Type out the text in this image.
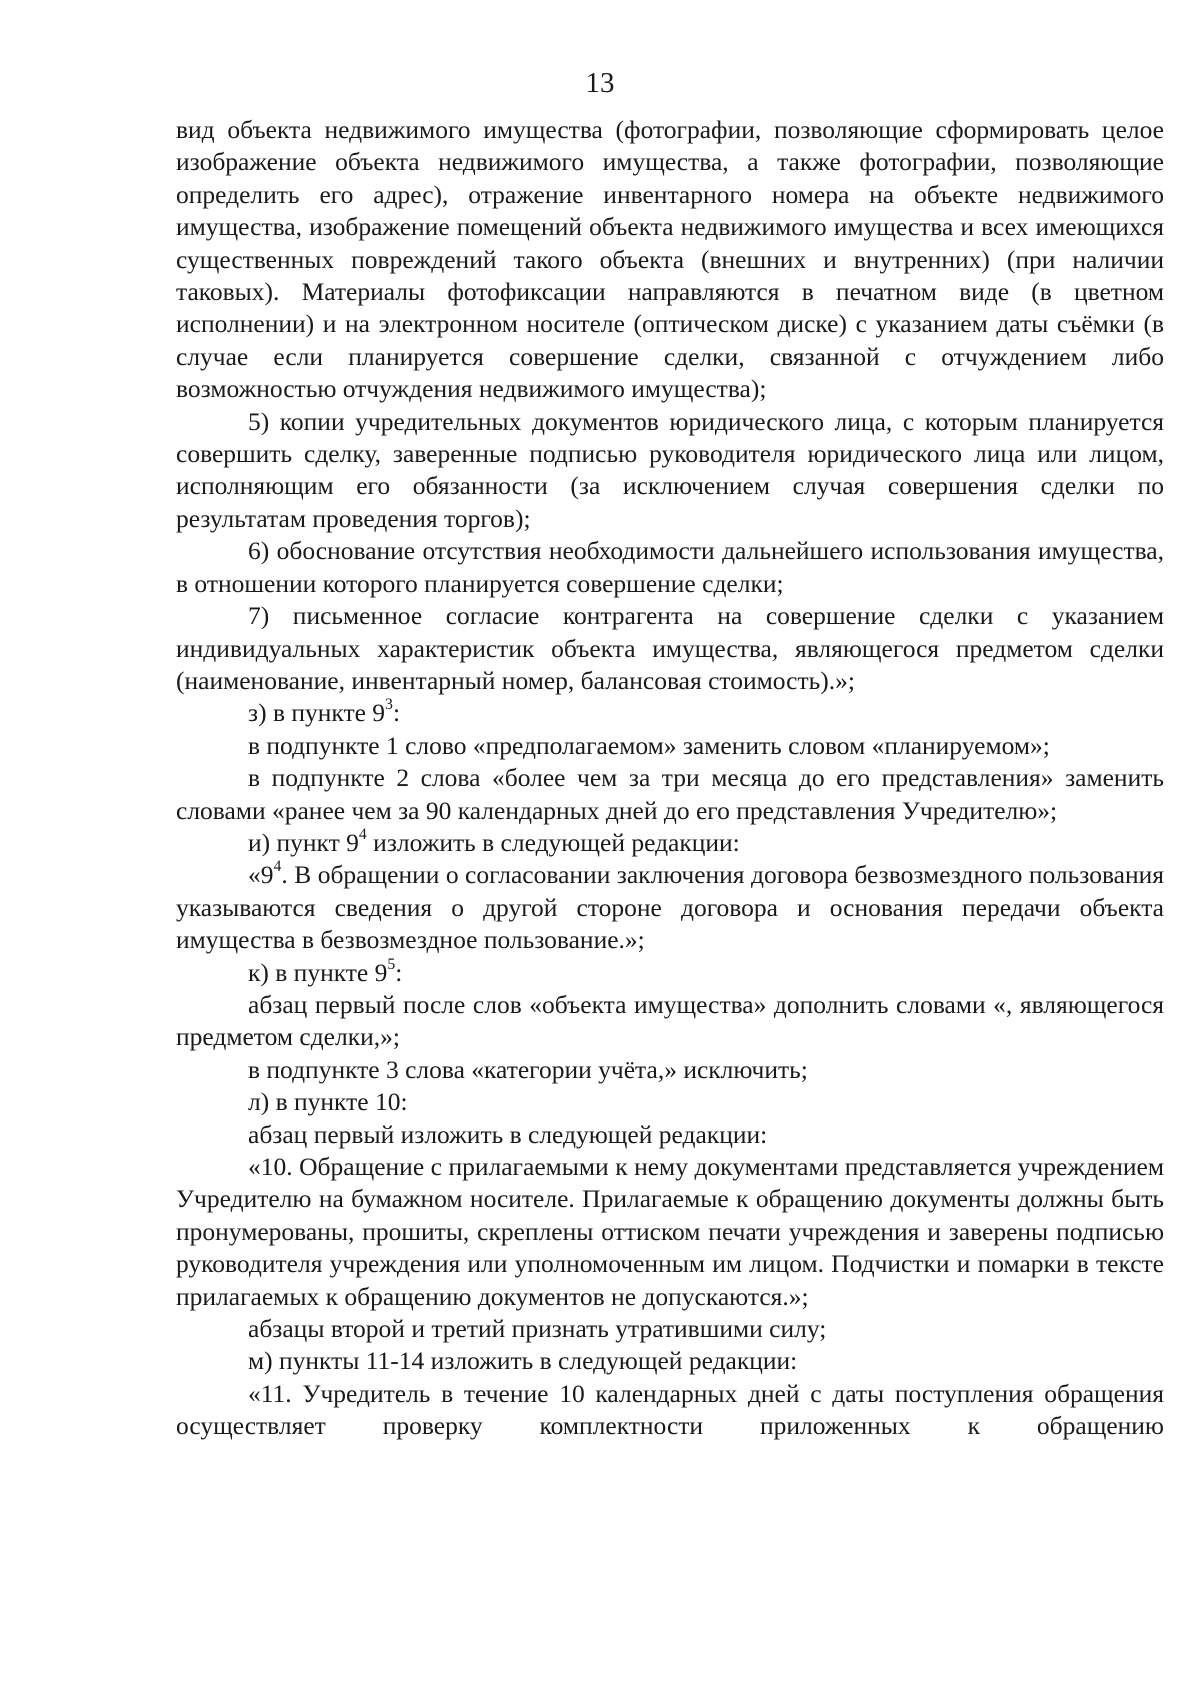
13

вид объекта недвижимого имущества (фотографии, позволяющие сформировать целое изображение объекта недвижимого имущества, а также фотографии, позволяющие определить его адрес), отражение инвентарного номера на объекте недвижимого имущества, изображение помещений объекта недвижимого имущества и всех имеющихся существенных повреждений такого объекта (внешних и внутренних) (при наличии таковых). Материалы фотофиксации направляются в печатном виде (в цветном исполнении) и на электронном носителе (оптическом диске) с указанием даты съёмки (в случае если планируется совершение сделки, связанной с отчуждением либо возможностью отчуждения недвижимого имущества);

5) копии учредительных документов юридического лица, с которым планируется совершить сделку, заверенные подписью руководителя юридического лица или лицом, исполняющим его обязанности (за исключением случая совершения сделки по результатам проведения торгов);

6) обоснование отсутствия необходимости дальнейшего использования имущества, в отношении которого планируется совершение сделки;

7) письменное согласие контрагента на совершение сделки с указанием индивидуальных характеристик объекта имущества, являющегося предметом сделки (наименование, инвентарный номер, балансовая стоимость).»;

з) в пункте $9^3$:

в подпункте 1 слово «предполагаемом» заменить словом «планируемом»;

в подпункте 2 слова «более чем за три месяца до его представления» заменить словами «ранее чем за 90 календарных дней до его представления Учредителю»;

и) пункт $9^4$ изложить в следующей редакции:

«$9^4$. В обращении о согласовании заключения договора безвозмездного пользования указываются сведения о другой стороне договора и основания передачи объекта имущества в безвозмездное пользование.»;

к) в пункте $9^5$:

абзац первый после слов «объекта имущества» дополнить словами «, являющегося предметом сделки,»;

в подпункте 3 слова «категории учёта,» исключить;

л) в пункте 10:

абзац первый изложить в следующей редакции:

«10. Обращение с прилагаемыми к нему документами представляется учреждением Учредителю на бумажном носителе. Прилагаемые к обращению документы должны быть пронумерованы, прошиты, скреплены оттиском печати учреждения и заверены подписью руководителя учреждения или уполномоченным им лицом. Подчистки и помарки в тексте прилагаемых к обращению документов не допускаются.»;

абзацы второй и третий признать утратившими силу;

м) пункты 11-14 изложить в следующей редакции:

«11. Учредитель в течение 10 календарных дней с даты поступления обращения осуществляет проверку комплектности приложенных к обращению
